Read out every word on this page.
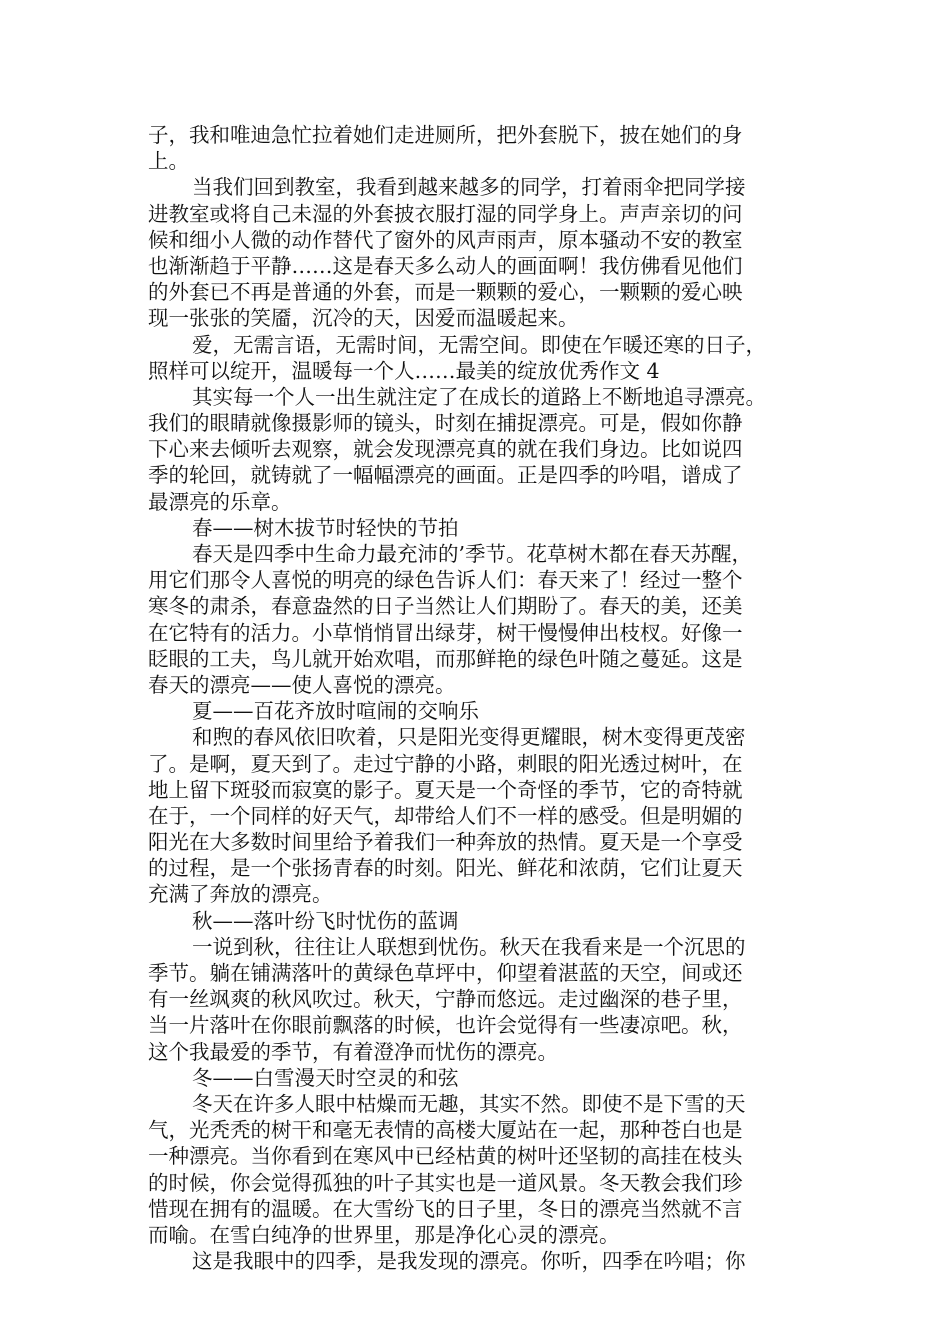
子，我和唯迪急忙拉着她们走进厕所，把外套脱下，披在她们的身
上。
当我们回到教室，我看到越来越多的同学，打着雨伞把同学接
进教室或将自己未湿的外套披衣服打湿的同学身上。声声亲切的问
候和细小人微的动作替代了窗外的风声雨声，原本骚动不安的教室
也渐渐趋于平静……这是春天多么动人的画面啊！我仿佛看见他们
的外套已不再是普通的外套，而是一颗颗的爱心，一颗颗的爱心映
现一张张的笑靥，沉冷的天，因爱而温暖起来。
爱，无需言语，无需时间，无需空间。即使在乍暖还寒的日子，
照样可以绽开，温暖每一个人……最美的绽放优秀作文 4
其实每一个人一出生就注定了在成长的道路上不断地追寻漂亮。
我们的眼睛就像摄影师的镜头，时刻在捕捉漂亮。可是，假如你静
下心来去倾听去观察，就会发现漂亮真的就在我们身边。比如说四
季的轮回，就铸就了一幅幅漂亮的画面。正是四季的吟唱，谱成了
最漂亮的乐章。
春——树木拔节时轻快的节拍
春天是四季中生命力最充沛的’季节。花草树木都在春天苏醒，
用它们那令人喜悦的明亮的绿色告诉人们：春天来了！经过一整个
寒冬的肃杀，春意盎然的日子当然让人们期盼了。春天的美，还美
在它特有的活力。小草悄悄冒出绿芽，树干慢慢伸出枝杈。好像一
眨眼的工夫，鸟儿就开始欢唱，而那鲜艳的绿色叶随之蔓延。这是
春天的漂亮——使人喜悦的漂亮。
夏——百花齐放时喧闹的交响乐
和煦的春风依旧吹着，只是阳光变得更耀眼，树木变得更茂密
了。是啊，夏天到了。走过宁静的小路，刺眼的阳光透过树叶，在
地上留下斑驳而寂寞的影子。夏天是一个奇怪的季节，它的奇特就
在于，一个同样的好天气，却带给人们不一样的感受。但是明媚的
阳光在大多数时间里给予着我们一种奔放的热情。夏天是一个享受
的过程，是一个张扬青春的时刻。阳光、鲜花和浓荫，它们让夏天
充满了奔放的漂亮。
秋——落叶纷飞时忧伤的蓝调
一说到秋，往往让人联想到忧伤。秋天在我看来是一个沉思的
季节。躺在铺满落叶的黄绿色草坪中，仰望着湛蓝的天空，间或还
有一丝飒爽的秋风吹过。秋天，宁静而悠远。走过幽深的巷子里，
当一片落叶在你眼前飘落的时候，也许会觉得有一些凄凉吧。秋，
这个我最爱的季节，有着澄净而忧伤的漂亮。
冬——白雪漫天时空灵的和弦
冬天在许多人眼中枯燥而无趣，其实不然。即使不是下雪的天
气，光秃秃的树干和毫无表情的高楼大厦站在一起，那种苍白也是
一种漂亮。当你看到在寒风中已经枯黄的树叶还坚韧的高挂在枝头
的时候，你会觉得孤独的叶子其实也是一道风景。冬天教会我们珍
惜现在拥有的温暖。在大雪纷飞的日子里，冬日的漂亮当然就不言
而喻。在雪白纯净的世界里，那是净化心灵的漂亮。
这是我眼中的四季，是我发现的漂亮。你听，四季在吟唱；你
